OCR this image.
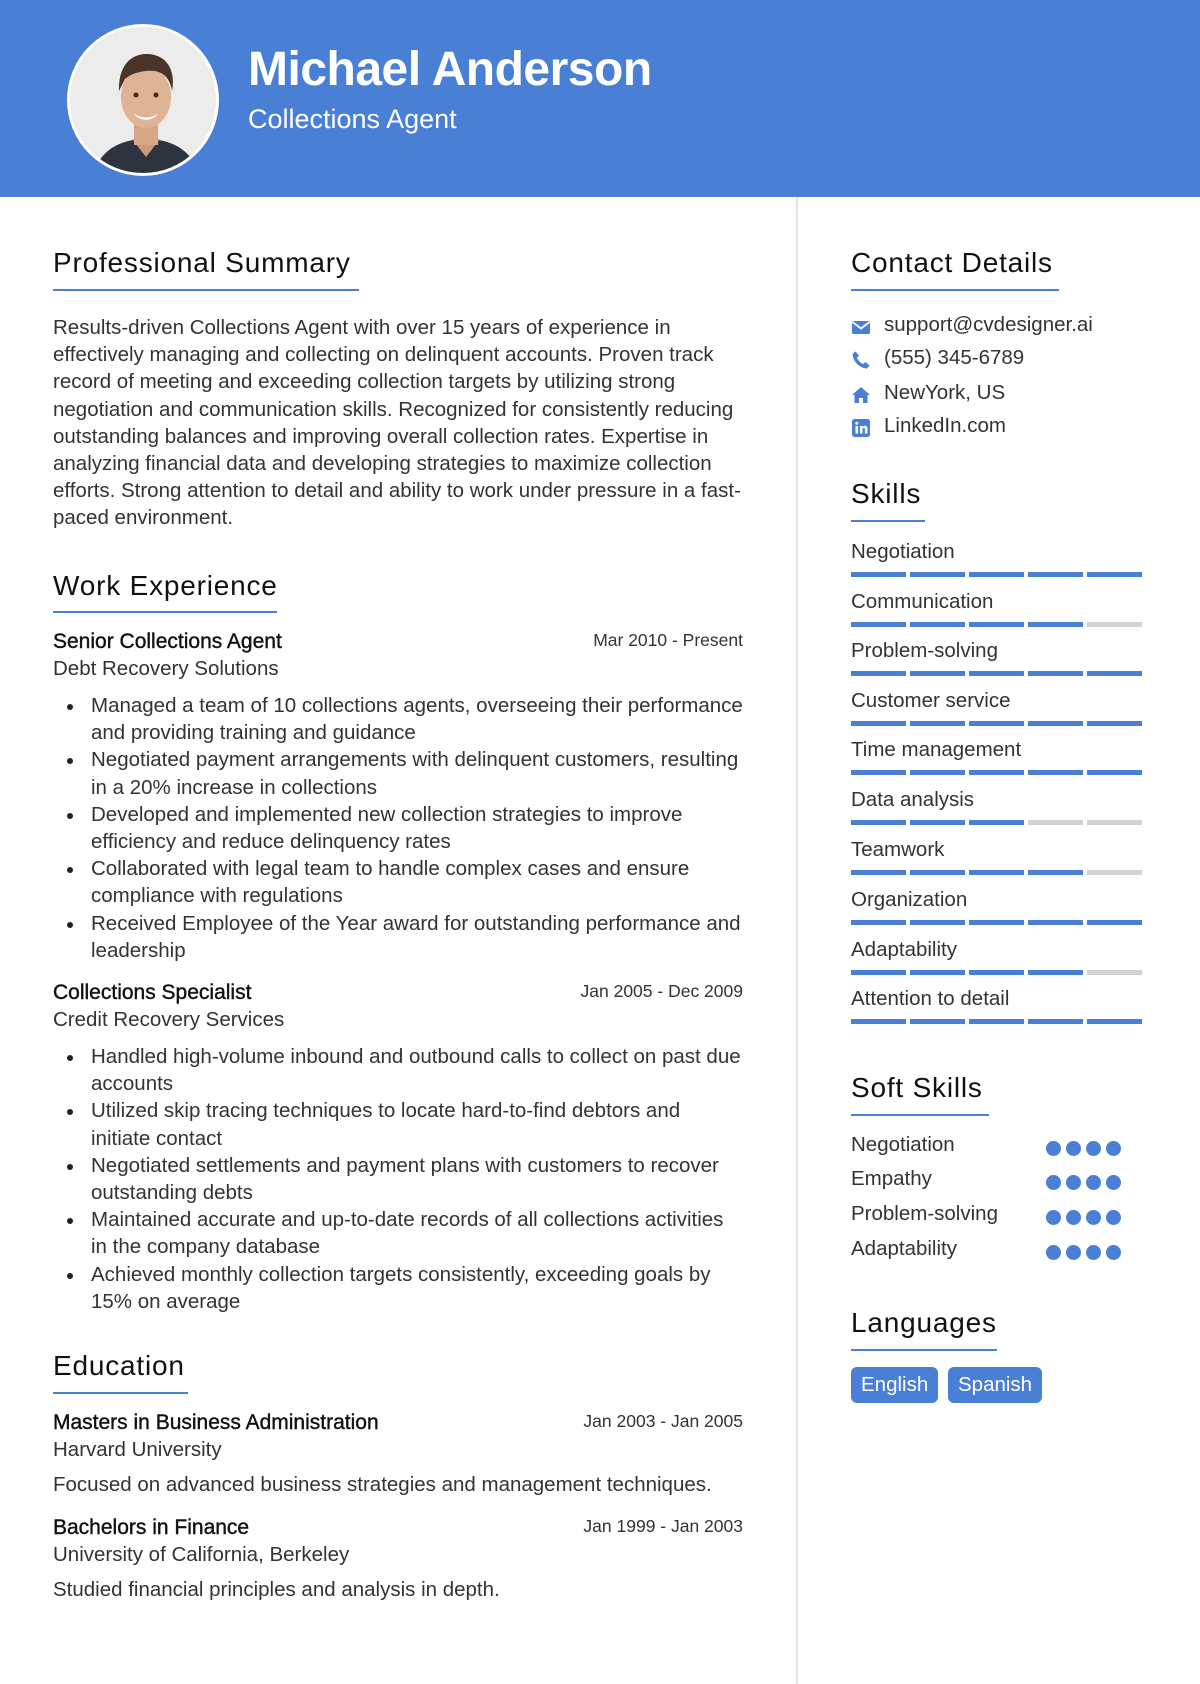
Michael Anderson
Collections Agent
Professional Summary

Results-driven Collections Agent with over 15 years of experience in effectively managing and collecting on delinquent accounts. Proven track record of meeting and exceeding collection targets by utilizing strong negotiation and communication skills. Recognized for consistently reducing outstanding balances and improving overall collection rates. Expertise in analyzing financial data and developing strategies to maximize collection efforts. Strong attention to detail and ability to work under pressure in a fast-paced environment.

Work Experience
Senior Collections Agent	Mar 2010 - Present
Debt Recovery Solutions
Managed a team of 10 collections agents, overseeing their performance and providing training and guidance
Negotiated payment arrangements with delinquent customers, resulting in a 20% increase in collections
Developed and implemented new collection strategies to improve efficiency and reduce delinquency rates
Collaborated with legal team to handle complex cases and ensure compliance with regulations
Received Employee of the Year award for outstanding performance and leadership
Collections Specialist	Jan 2005 - Dec 2009
Credit Recovery Services
Handled high-volume inbound and outbound calls to collect on past due accounts
Utilized skip tracing techniques to locate hard-to-find debtors and initiate contact
Negotiated settlements and payment plans with customers to recover outstanding debts
Maintained accurate and up-to-date records of all collections activities in the company database
Achieved monthly collection targets consistently, exceeding goals by 15% on average
Education
Masters in Business Administration	Jan 2003 - Jan 2005
Harvard University
Focused on advanced business strategies and management techniques.
Bachelors in Finance	Jan 1999 - Jan 2003
University of California, Berkeley
Studied financial principles and analysis in depth.
Contact Details
support@cvdesigner.ai
(555) 345-6789
NewYork, US
LinkedIn.com
Skills
Negotiation
Communication
Problem-solving
Customer service
Time management
Data analysis
Teamwork
Organization
Adaptability
Attention to detail
Soft Skills
Negotiation
Empathy
Problem-solving
Adaptability
Languages
English	Spanish
